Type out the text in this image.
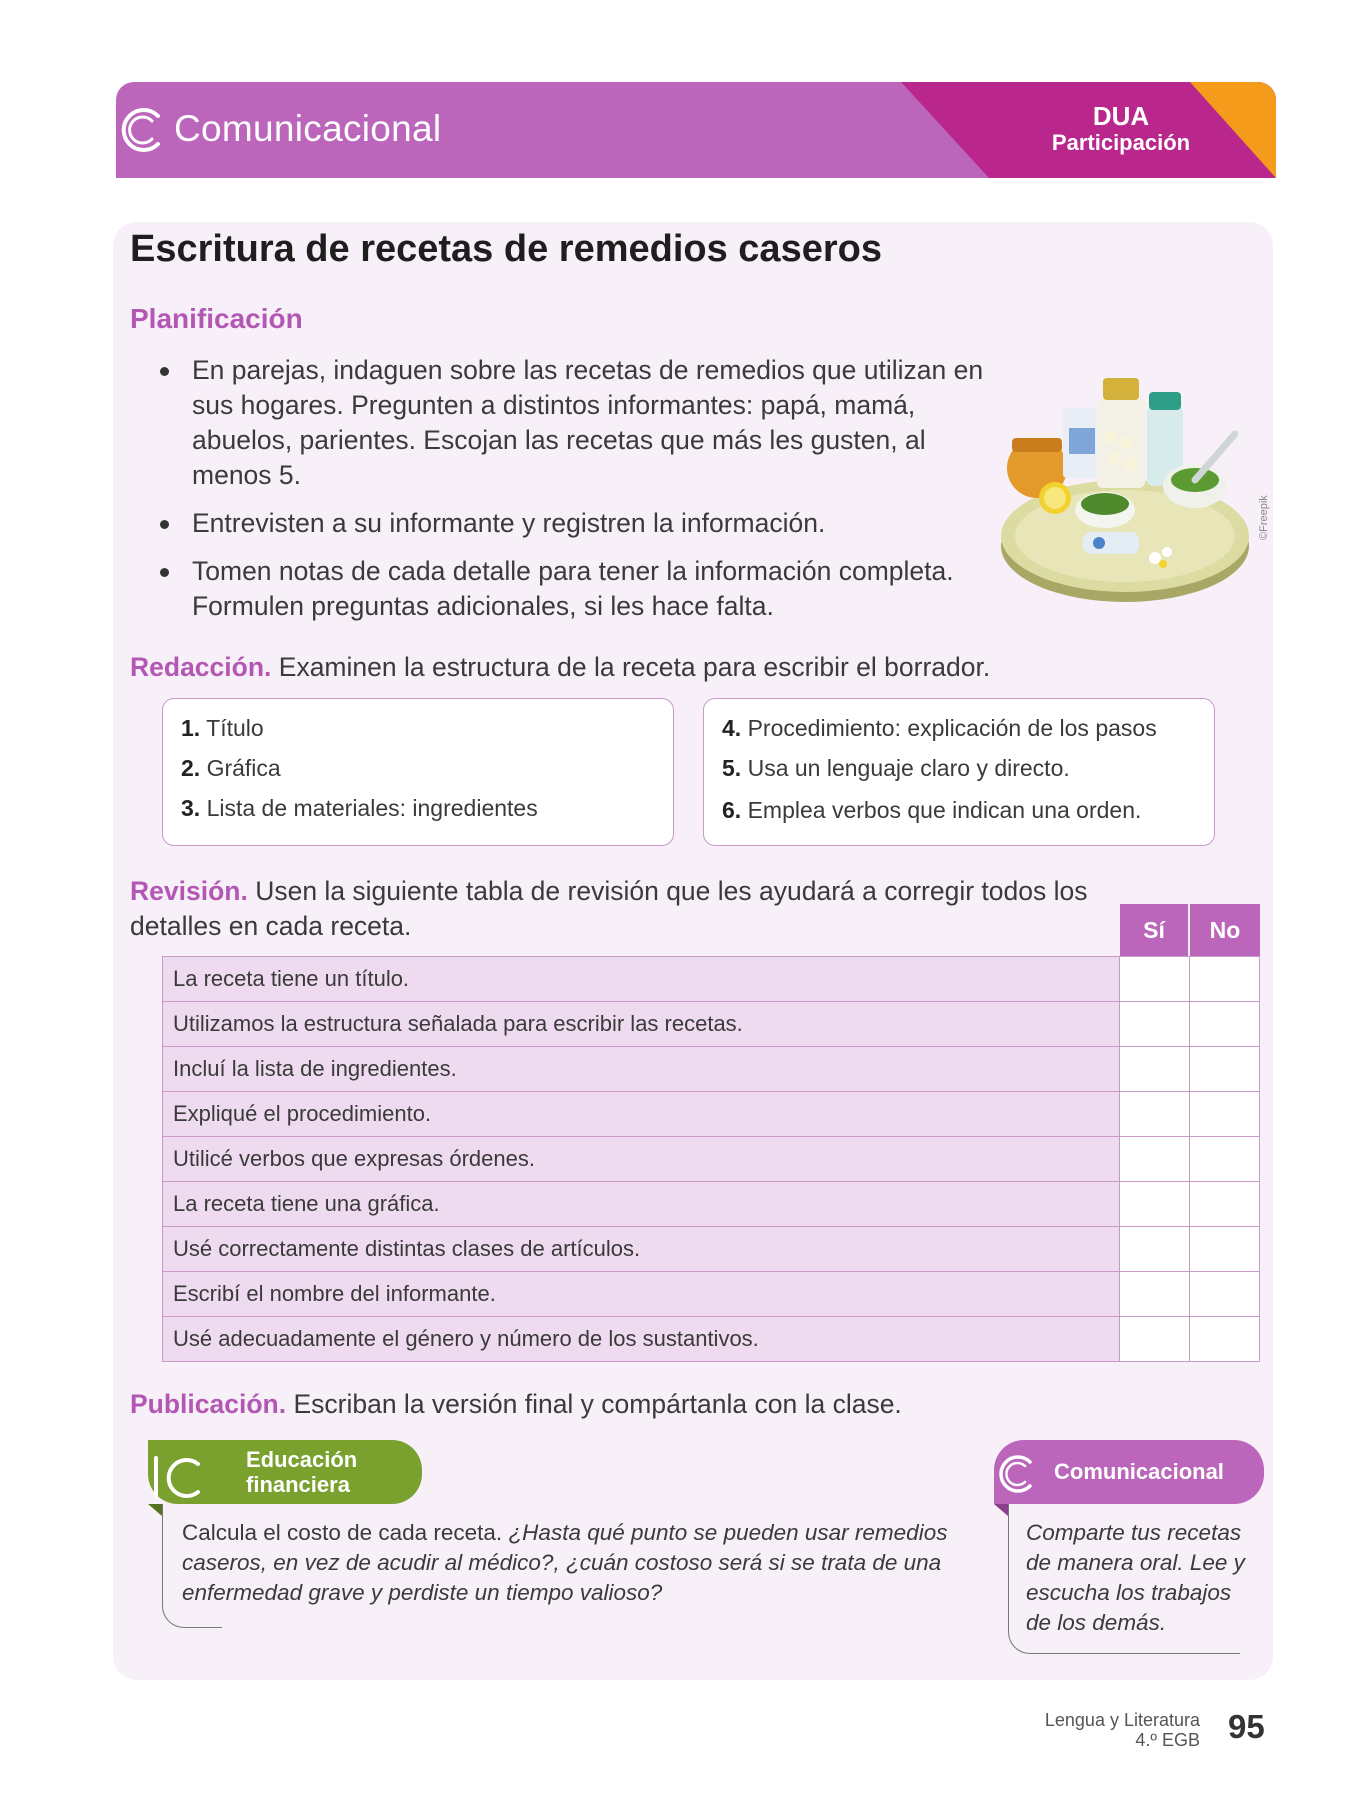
Comunicacional	DUA
Participación
Escritura de recetas de remedios caseros
Planificación
En parejas, indaguen sobre las recetas de remedios que utilizan en sus hogares. Pregunten a distintos informantes: papá, mamá, abuelos, parientes. Escojan las recetas que más les gusten, al menos 5.
Entrevisten a su informante y registren la información.
Tomen notas de cada detalle para tener la información completa. Formulen preguntas adicionales, si les hace falta.
©Freepik
Redacción. Examinen la estructura de la receta para escribir el borrador.
1. Título
2. Gráfica
3. Lista de materiales: ingredientes
4. Procedimiento: explicación de los pasos
5. Usa un lenguaje claro y directo.
6. Emplea verbos que indican una orden.
Revisión. Usen la siguiente tabla de revisión que les ayudará a corregir todos los detalles en cada receta.	Sí	No
La receta tiene un título.		
Utilizamos la estructura señalada para escribir las recetas.		
Incluí la lista de ingredientes.		
Expliqué el procedimiento.		
Utilicé verbos que expresas órdenes.		
La receta tiene una gráfica.		
Usé correctamente distintas clases de artículos.		
Escribí el nombre del informante.		
Usé adecuadamente el género y número de los sustantivos.		
Publicación. Escriban la versión final y compártanla con la clase.
Educación financiera
Calcula el costo de cada receta. ¿Hasta qué punto se pueden usar remedios caseros, en vez de acudir al médico?, ¿cuán costoso será si se trata de una enfermedad grave y perdiste un tiempo valioso?
Comunicacional
Comparte tus recetas de manera oral. Lee y escucha los trabajos de los demás.
Lengua y Literatura
4.º EGB 95
